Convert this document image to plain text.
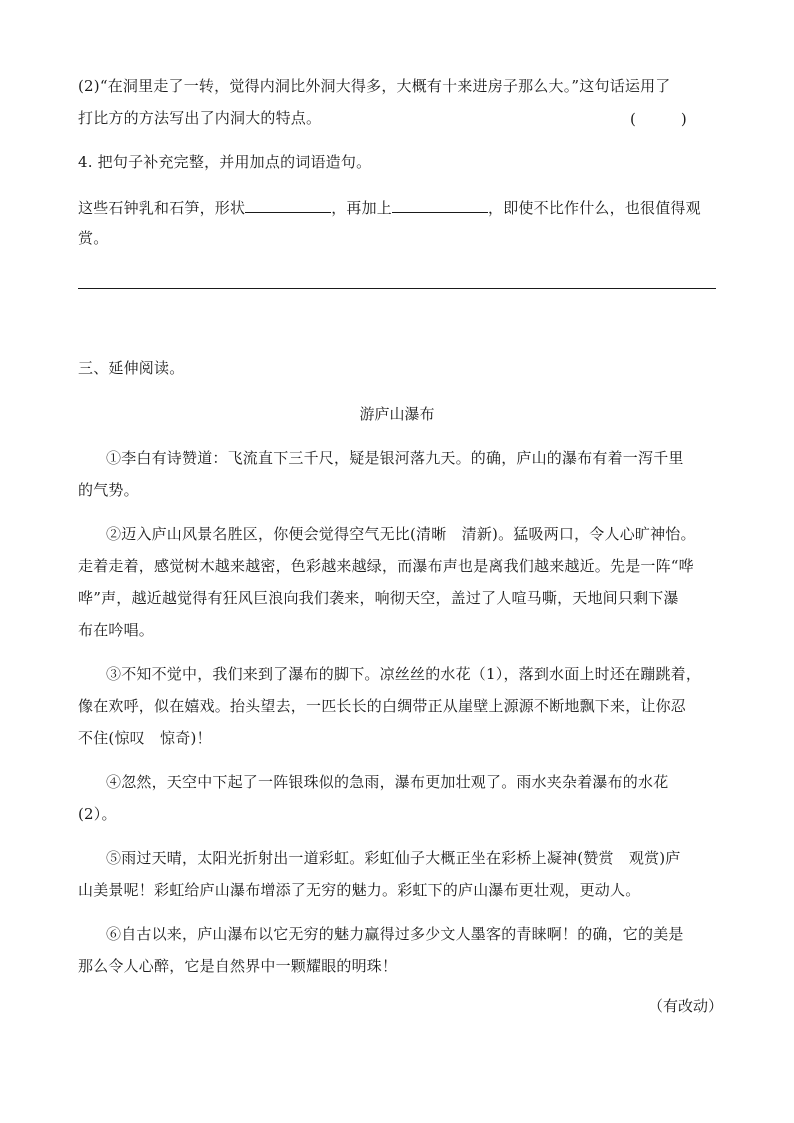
(2)“在洞里走了一转，觉得内洞比外洞大得多，大概有十来进房子那么大。”这句话运用了
打比方的方法写出了内洞大的特点。	(　　　)
4. 把句子补充完整，并用加点的词语造句。
这些石钟乳和石笋，形状	，再加上	，即使不比作什么，也很值得观
赏。
三、延伸阅读。
游庐山瀑布
①李白有诗赞道：飞流直下三千尺，疑是银河落九天。的确，庐山的瀑布有着一泻千里
的气势。
②迈入庐山风景名胜区，你便会觉得空气无比(清晰　清新)。猛吸两口，令人心旷神怡。
走着走着，感觉树木越来越密，色彩越来越绿，而瀑布声也是离我们越来越近。先是一阵“哗
哗”声，越近越觉得有狂风巨浪向我们袭来，响彻天空，盖过了人喧马嘶，天地间只剩下瀑
布在吟唱。
③不知不觉中，我们来到了瀑布的脚下。凉丝丝的水花（1），落到水面上时还在蹦跳着，
像在欢呼，似在嬉戏。抬头望去，一匹长长的白绸带正从崖壁上源源不断地飘下来，让你忍
不住(惊叹　惊奇)！
④忽然，天空中下起了一阵银珠似的急雨，瀑布更加壮观了。雨水夹杂着瀑布的水花
(2）。
⑤雨过天晴，太阳光折射出一道彩虹。彩虹仙子大概正坐在彩桥上凝神(赞赏　观赏)庐
山美景呢！彩虹给庐山瀑布增添了无穷的魅力。彩虹下的庐山瀑布更壮观，更动人。
⑥自古以来，庐山瀑布以它无穷的魅力赢得过多少文人墨客的青睐啊！的确，它的美是
那么令人心醉，它是自然界中一颗耀眼的明珠！
（有改动）
